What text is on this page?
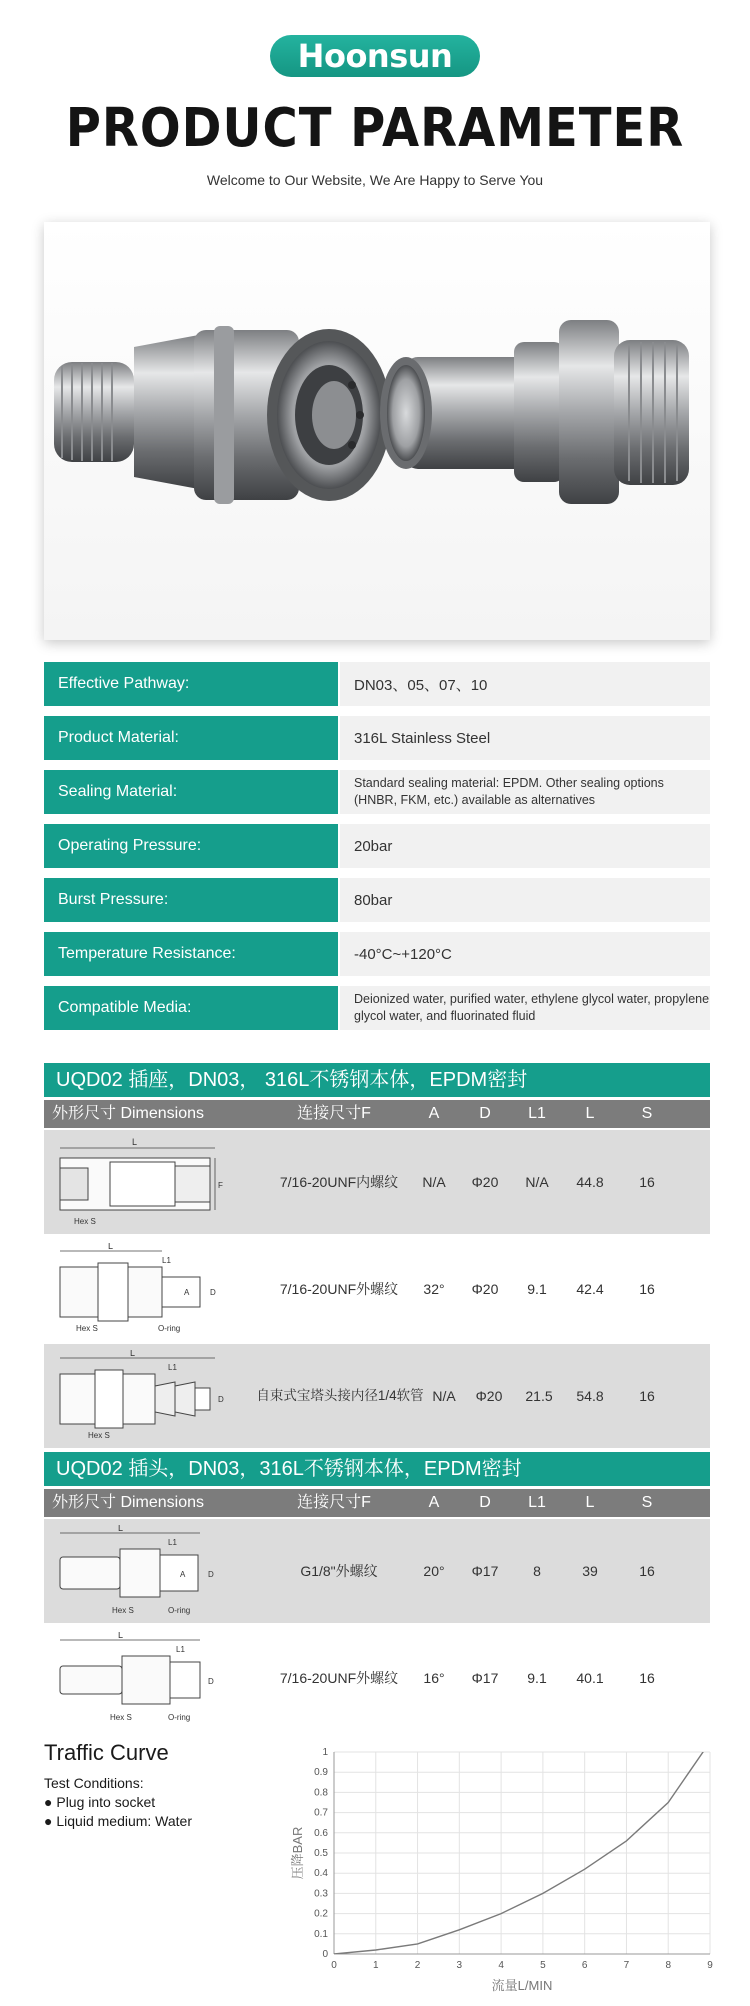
Hoonsun
PRODUCT PARAMETER
Welcome to Our Website, We Are Happy to Serve You
Effective Pathway:	DN03、05、07、10
Product Material:	316L Stainless Steel
Sealing Material:	Standard sealing material: EPDM. Other sealing options (HNBR, FKM, etc.) available as alternatives
Operating Pressure:	20bar
Burst Pressure:	80bar
Temperature Resistance:	-40°C~+120°C
Compatible Media:	Deionized water, purified water, ethylene glycol water, propylene glycol water, and fluorinated fluid
UQD02 插座，DN03， 316L不锈钢本体，EPDM密封
外形尺寸 Dimensions	连接尺寸F	A	D	L1	L	S
L
F
Hex S
7/16-20UNF内螺纹	N/A	Φ20	N/A	44.8	16
L
L1
A	D
Hex S	O-ring
7/16-20UNF外螺纹	32°	Φ20	9.1	42.4	16
L
L1
D
Hex S
自束式宝塔头接内径1/4软管 N/A	Φ20	21.5	54.8	16
UQD02 插头，DN03，316L不锈钢本体，EPDM密封
外形尺寸 Dimensions	连接尺寸F	A	D	L1	L	S
L
L1
A	D
Hex S	O-ring
G1/8"外螺纹	20°	Φ17	8	39	16
L
L1
D
Hex S	O-ring
7/16-20UNF外螺纹	16°	Φ17	9.1	40.1	16
Traffic Curve
Test Conditions:
● Plug into socket
● Liquid medium: Water
0
0.1
0.2
0.3
0.4
0.5
0.6
0.7
0.8
0.9
1
0	1	2	3	4	5	6	7	8	9
流量L/MIN
压降BAR
